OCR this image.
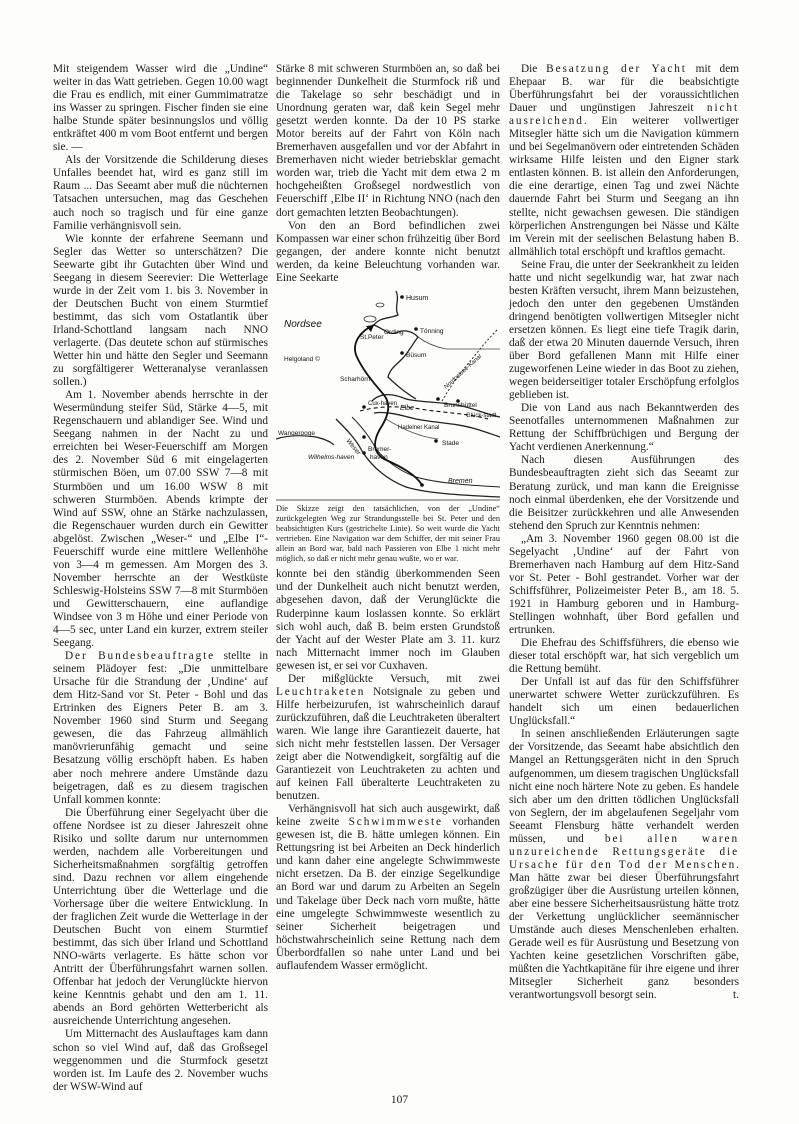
Mit steigendem Wasser wird die „Undine“ weiter in das Watt getrieben. Gegen 10.00 wagt die Frau es endlich, mit einer Gummimatratze ins Wasser zu springen. Fischer finden sie eine halbe Stunde später besinnungslos und völlig entkräftet 400 m vom Boot entfernt und bergen sie. —

Als der Vorsitzende die Schilderung dieses Unfalles beendet hat, wird es ganz still im Raum ... Das Seeamt aber muß die nüchternen Tatsachen untersuchen, mag das Geschehen auch noch so tragisch und für eine ganze Familie verhängnisvoll sein.

Wie konnte der erfahrene Seemann und Segler das Wetter so unterschätzen? Die Seewarte gibt ihr Gutachten über Wind und Seegang in diesem Seerevier: Die Wetterlage wurde in der Zeit vom 1. bis 3. November in der Deutschen Bucht von einem Sturmtief bestimmt, das sich vom Ostatlantik über Irland-Schottland langsam nach NNO verlagerte. (Das deutete schon auf stürmisches Wetter hin und hätte den Segler und Seemann zu sorgfältigerer Wetteranalyse veranlassen sollen.)

Am 1. November abends herrschte in der Wesermündung steifer Süd, Stärke 4—5, mit Regenschauern und ablandiger See. Wind und Seegang nahmen in der Nacht zu und erreichten bei Weser-Feuerschiff am Morgen des 2. November Süd 6 mit eingelagerten stürmischen Böen, um 07.00 SSW 7—8 mit Sturmböen und um 16.00 WSW 8 mit schweren Sturmböen. Abends krimpte der Wind auf SSW, ohne an Stärke nachzulassen, die Regenschauer wurden durch ein Gewitter abgelöst. Zwischen „Weser-“ und „Elbe I“-Feuerschiff wurde eine mittlere Wellenhöhe von 3—4 m gemessen. Am Morgen des 3. November herrschte an der Westküste Schleswig-Holsteins SSW 7—8 mit Sturmböen und Gewitterschauern, eine auflandige Windsee von 3 m Höhe und einer Periode von 4—5 sec, unter Land ein kurzer, extrem steiler Seegang.

Der Bundesbeauftragte stellte in seinem Plädoyer fest: „Die unmittelbare Ursache für die Strandung der ‚Undine‘ auf dem Hitz-Sand vor St. Peter - Bohl und das Ertrinken des Eigners Peter B. am 3. November 1960 sind Sturm und Seegang gewesen, die das Fahrzeug allmählich manövrierunfähig gemacht und seine Besatzung völlig erschöpft haben. Es haben aber noch mehrere andere Umstände dazu beigetragen, daß es zu diesem tragischen Unfall kommen konnte:

Die Überführung einer Segelyacht über die offene Nordsee ist zu dieser Jahreszeit ohne Risiko und sollte darum nur unternommen werden, nachdem alle Vorbereitungen und Sicherheitsmaßnahmen sorgfältig getroffen sind. Dazu rechnen vor allem eingehende Unterrichtung über die Wetterlage und die Vorhersage über die weitere Entwicklung. In der fraglichen Zeit wurde die Wetterlage in der Deutschen Bucht von einem Sturmtief bestimmt, das sich über Irland und Schottland NNO-wärts verlagerte. Es hätte schon vor Antritt der Überführungsfahrt warnen sollen. Offenbar hat jedoch der Verunglückte hiervon keine Kenntnis gehabt und den am 1. 11. abends an Bord gehörten Wetterbericht als ausreichende Unterrichtung angesehen.

Um Mitternacht des Auslauftages kam dann schon so viel Wind auf, daß das Großsegel weggenommen und die Sturmfock gesetzt worden ist. Im Laufe des 2. November wuchs der WSW-Wind auf

Stärke 8 mit schweren Sturmböen an, so daß bei beginnender Dunkelheit die Sturmfock riß und die Takelage so sehr beschädigt und in Unordnung geraten war, daß kein Segel mehr gesetzt werden konnte. Da der 10 PS starke Motor bereits auf der Fahrt von Köln nach Bremerhaven ausgefallen und vor der Abfahrt in Bremerhaven nicht wieder betriebsklar gemacht worden war, trieb die Yacht mit dem etwa 2 m hochgeheißten Großsegel nordwestlich von Feuerschiff ‚Elbe II‘ in Richtung NNO (nach den dort gemachten letzten Beobachtungen).

Von den an Bord befindlichen zwei Kompassen war einer schon frühzeitig über Bord gegangen, der andere konnte nicht benutzt werden, da keine Beleuchtung vorhanden war. Eine Seekarte

Husum
Nordsee
St.Peter
Ording	Tönning
Helgoland ©
Büsum	Nordostsee-Kanal
Scharhörn
Cux-haven
Elbe	Brunsbüttel
Glück-stadt
Wangerooge
Hadelner Kanal
Stade
Bremer-
haven
Wilhelms-haven
Weser
Bremen
Die Skizze zeigt den tatsächlichen, von der „Undine“ zurückgelegten Weg zur Strandungsstelle bei St. Peter und den beabsichtigten Kurs (gestrichelte Linie). So weit wurde die Yacht vertrieben. Eine Navigation war dem Schiffer, der mit seiner Frau allein an Bord war, bald nach Passieren von Elbe 1 nicht mehr möglich, so daß er nicht mehr genau wußte, wo er war.

konnte bei den ständig überkommenden Seen und der Dunkelheit auch nicht benutzt werden, abgesehen davon, daß der Verunglückte die Ruderpinne kaum loslassen konnte. So erklärt sich wohl auch, daß B. beim ersten Grundstoß der Yacht auf der Wester Plate am 3. 11. kurz nach Mitternacht immer noch im Glauben gewesen ist, er sei vor Cuxhaven.

Der mißglückte Versuch, mit zwei Leuchtraketen Notsignale zu geben und Hilfe herbeizurufen, ist wahrscheinlich darauf zurückzuführen, daß die Leuchtraketen überaltert waren. Wie lange ihre Garantiezeit dauerte, hat sich nicht mehr feststellen lassen. Der Versager zeigt aber die Notwendigkeit, sorgfältig auf die Garantiezeit von Leuchtraketen zu achten und auf keinen Fall überalterte Leuchtraketen zu benutzen.

Verhängnisvoll hat sich auch ausgewirkt, daß keine zweite Schwimmweste vorhanden gewesen ist, die B. hätte umlegen können. Ein Rettungsring ist bei Arbeiten an Deck hinderlich und kann daher eine angelegte Schwimmweste nicht ersetzen. Da B. der einzige Segelkundige an Bord war und darum zu Arbeiten an Segeln und Takelage über Deck nach vorn mußte, hätte eine umgelegte Schwimmweste wesentlich zu seiner Sicherheit beigetragen und höchstwahrscheinlich seine Rettung nach dem Überbordfallen so nahe unter Land und bei auflaufendem Wasser ermöglicht.

Die Besatzung der Yacht mit dem Ehepaar B. war für die beabsichtigte Überführungsfahrt bei der voraussichtlichen Dauer und ungünstigen Jahreszeit nicht ausreichend. Ein weiterer vollwertiger Mitsegler hätte sich um die Navigation kümmern und bei Segelmanövern oder eintretenden Schäden wirksame Hilfe leisten und den Eigner stark entlasten können. B. ist allein den Anforderungen, die eine derartige, einen Tag und zwei Nächte dauernde Fahrt bei Sturm und Seegang an ihn stellte, nicht gewachsen gewesen. Die ständigen körperlichen Anstrengungen bei Nässe und Kälte im Verein mit der seelischen Belastung haben B. allmählich total erschöpft und kraftlos gemacht.

Seine Frau, die unter der Seekrankheit zu leiden hatte und nicht segelkundig war, hat zwar nach besten Kräften versucht, ihrem Mann beizustehen, jedoch den unter den gegebenen Umständen dringend benötigten vollwertigen Mitsegler nicht ersetzen können. Es liegt eine tiefe Tragik darin, daß der etwa 20 Minuten dauernde Versuch, ihren über Bord gefallenen Mann mit Hilfe einer zugeworfenen Leine wieder in das Boot zu ziehen, wegen beiderseitiger totaler Erschöpfung erfolglos geblieben ist.

Die von Land aus nach Bekanntwerden des Seenotfalles unternommenen Maßnahmen zur Rettung der Schiffbrüchigen und Bergung der Yacht verdienen Anerkennung.“

Nach diesen Ausführungen des Bundesbeauftragten zieht sich das Seeamt zur Beratung zurück, und man kann die Ereignisse noch einmal überdenken, ehe der Vorsitzende und die Beisitzer zurückkehren und alle Anwesenden stehend den Spruch zur Kenntnis nehmen:

„Am 3. November 1960 gegen 08.00 ist die Segelyacht ‚Undine‘ auf der Fahrt von Bremerhaven nach Hamburg auf dem Hitz-Sand vor St. Peter - Bohl gestrandet. Vorher war der Schiffsführer, Polizeimeister Peter B., am 18. 5. 1921 in Hamburg geboren und in Hamburg-Stellingen wohnhaft, über Bord gefallen und ertrunken.

Die Ehefrau des Schiffsführers, die ebenso wie dieser total erschöpft war, hat sich vergeblich um die Rettung bemüht.

Der Unfall ist auf das für den Schiffsführer unerwartet schwere Wetter zurückzuführen. Es handelt sich um einen bedauerlichen Unglücksfall.“

In seinen anschließenden Erläuterungen sagte der Vorsitzende, das Seeamt habe absichtlich den Mangel an Rettungsgeräten nicht in den Spruch aufgenommen, um diesem tragischen Unglücksfall nicht eine noch härtere Note zu geben. Es handele sich aber um den dritten tödlichen Unglücksfall von Seglern, der im abgelaufenen Segeljahr vom Seeamt Flensburg hätte verhandelt werden müssen, und bei allen waren unzureichende Rettungsgeräte die Ursache für den Tod der Menschen. Man hätte zwar bei dieser Überführungsfahrt großzügiger über die Ausrüstung urteilen können, aber eine bessere Sicherheitsausrüstung hätte trotz der Verkettung unglücklicher seemännischer Umstände auch dieses Menschenleben erhalten. Gerade weil es für Ausrüstung und Besetzung von Yachten keine gesetzlichen Vorschriften gäbe, müßten die Yachtkapitäne für ihre eigene und ihrer Mitsegler Sicherheit ganz besonders verantwortungsvoll besorgt sein.	t.

107
